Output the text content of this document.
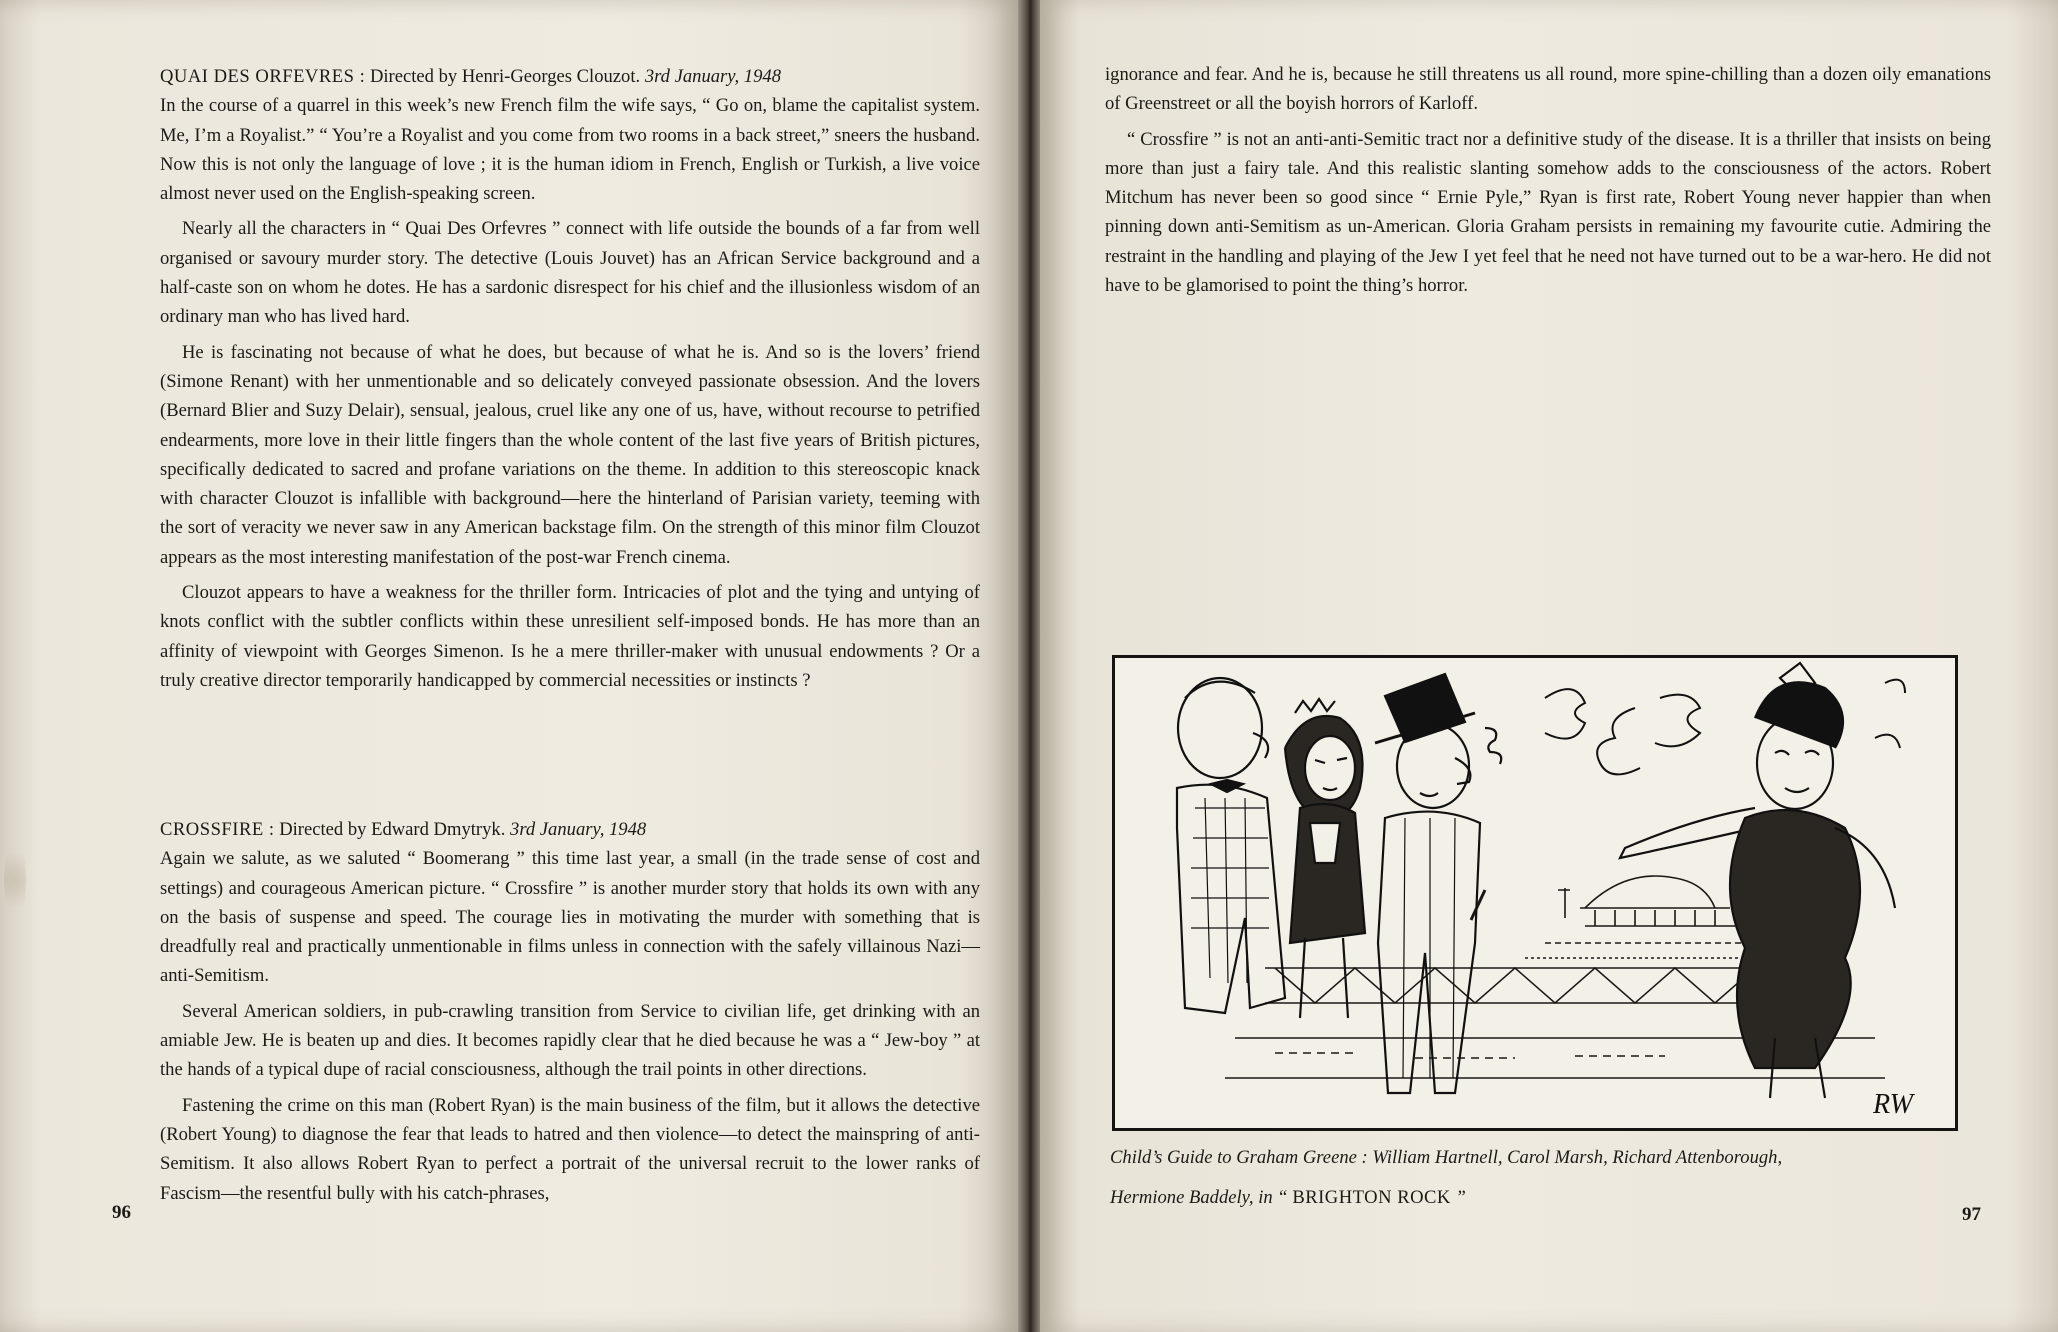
QUAI DES ORFEVRES : Directed by Henri-Georges Clouzot. 3rd January, 1948

In the course of a quarrel in this week’s new French film the wife says, “ Go on, blame the capitalist system. Me, I’m a Royalist.” “ You’re a Royalist and you come from two rooms in a back street,” sneers the husband. Now this is not only the language of love ; it is the human idiom in French, English or Turkish, a live voice almost never used on the English-speaking screen.

Nearly all the characters in “ Quai Des Orfevres ” connect with life outside the bounds of a far from well organised or savoury murder story. The detective (Louis Jouvet) has an African Service background and a half-caste son on whom he dotes. He has a sardonic disrespect for his chief and the illusionless wisdom of an ordinary man who has lived hard.

He is fascinating not because of what he does, but because of what he is. And so is the lovers’ friend (Simone Renant) with her unmentionable and so delicately conveyed passionate obsession. And the lovers (Bernard Blier and Suzy Delair), sensual, jealous, cruel like any one of us, have, without recourse to petrified endearments, more love in their little fingers than the whole content of the last five years of British pictures, specifically dedicated to sacred and profane variations on the theme. In addition to this stereoscopic knack with character Clouzot is infallible with background—here the hinterland of Parisian variety, teeming with the sort of veracity we never saw in any American backstage film. On the strength of this minor film Clouzot appears as the most interesting manifestation of the post-war French cinema.

Clouzot appears to have a weakness for the thriller form. Intricacies of plot and the tying and untying of knots conflict with the subtler conflicts within these unresilient self-imposed bonds. He has more than an affinity of viewpoint with Georges Simenon. Is he a mere thriller-maker with unusual endowments ? Or a truly creative director temporarily handicapped by commercial necessities or instincts ?

CROSSFIRE : Directed by Edward Dmytryk. 3rd January, 1948

Again we salute, as we saluted “ Boomerang ” this time last year, a small (in the trade sense of cost and settings) and courageous American picture. “ Crossfire ” is another murder story that holds its own with any on the basis of suspense and speed. The courage lies in motivating the murder with something that is dreadfully real and practically unmentionable in films unless in connection with the safely villainous Nazi—anti-Semitism.

Several American soldiers, in pub-crawling transition from Service to civilian life, get drinking with an amiable Jew. He is beaten up and dies. It becomes rapidly clear that he died because he was a “ Jew-boy ” at the hands of a typical dupe of racial consciousness, although the trail points in other directions.

Fastening the crime on this man (Robert Ryan) is the main business of the film, but it allows the detective (Robert Young) to diagnose the fear that leads to hatred and then violence—to detect the mainspring of anti-Semitism. It also allows Robert Ryan to perfect a portrait of the universal recruit to the lower ranks of Fascism—the resentful bully with his catch-phrases,

96

ignorance and fear. And he is, because he still threatens us all round, more spine-chilling than a dozen oily emanations of Greenstreet or all the boyish horrors of Karloff.

“ Crossfire ” is not an anti-anti-Semitic tract nor a definitive study of the disease. It is a thriller that insists on being more than just a fairy tale. And this realistic slanting somehow adds to the consciousness of the actors. Robert Mitchum has never been so good since “ Ernie Pyle,” Ryan is first rate, Robert Young never happier than when pinning down anti-Semitism as un-American. Gloria Graham persists in remaining my favourite cutie. Admiring the restraint in the handling and playing of the Jew I yet feel that he need not have turned out to be a war-hero. He did not have to be glamorised to point the thing’s horror.

RW
Child’s Guide to Graham Greene : William Hartnell, Carol Marsh, Richard Attenborough,
Hermione Baddely, in “ BRIGHTON ROCK ”
97
